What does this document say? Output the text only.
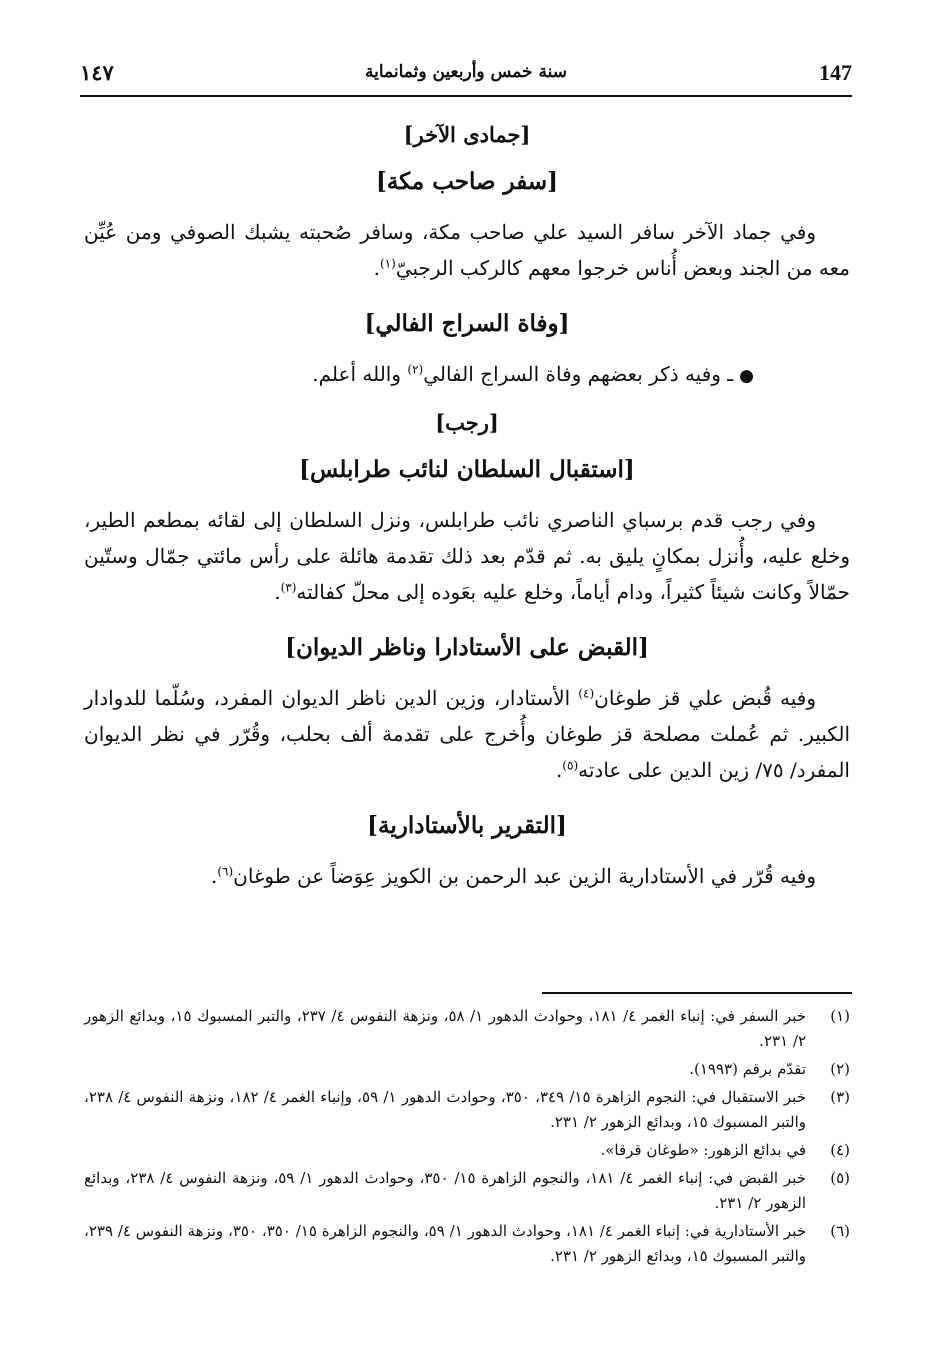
147
سنة خمس وأربعين وثمانماية
١٤٧
[جمادى الآخر]
[سفر صاحب مكة]

وفي جماد الآخر سافر السيد علي صاحب مكة، وسافر صُحبته يشبك الصوفي ومن عُيِّن معه من الجند وبعض أُناس خرجوا معهم كالركب الرجبيّ$^{(١)}$.

[وفاة السراج الفالي]

●ـ وفيه ذكر بعضهم وفاة السراج الفالي$^{(٢)}$ والله أعلم.

[رجب]
[استقبال السلطان لنائب طرابلس]

وفي رجب قدم برسباي الناصري نائب طرابلس، ونزل السلطان إلى لقائه بمطعم الطير، وخلع عليه، وأُنزل بمكانٍ يليق به. ثم قدّم بعد ذلك تقدمة هائلة على رأس مائتي جمّال وستّين حمّالاً وكانت شيئاً كثيراً، ودام أياماً، وخلع عليه بعَوده إلى محلّ كفالته$^{(٣)}$.

[القبض على الأستادارا وناظر الديوان]

وفيه قُبض علي قز طوغان$^{(٤)}$ الأستادار، وزين الدين ناظر الديوان المفرد، وسُلّما للدوادار الكبير. ثم عُملت مصلحة قز طوغان وأُخرج على تقدمة ألف بحلب، وقُرّر في نظر الديوان المفرد/ ٧٥/ زين الدين على عادته$^{(٥)}$.

[التقرير بالأستادارية]

وفيه قُرّر في الأستادارية الزين عبد الرحمن بن الكويز عِوَضاً عن طوغان$^{(٦)}$.

(١)
خبر السفر في: إنباء الغمر ٤/ ١٨١، وحوادث الدهور ١/ ٥٨، ونزهة النفوس ٤/ ٢٣٧، والتبر المسبوك ١٥، وبدائع الزهور ٢/ ٢٣١.
(٢)
تقدّم برقم (١٩٩٣).
(٣)
خبر الاستقبال في: النجوم الزاهرة ١٥/ ٣٤٩، ٣٥٠، وحوادث الدهور ١/ ٥٩، وإنباء الغمر ٤/ ١٨٢، ونزهة النفوس ٤/ ٢٣٨، والتبر المسبوك ١٥، وبدائع الزهور ٢/ ٢٣١.
(٤)
في بدائع الزهور: «طوغان قرقا».
(٥)
خبر القبض في: إنباء الغمر ٤/ ١٨١، والنجوم الزاهرة ١٥/ ٣٥٠، وحوادث الدهور ١/ ٥٩، ونزهة النفوس ٤/ ٢٣٨، وبدائع الزهور ٢/ ٢٣١.
(٦)
خبر الأستادارية في: إنباء الغمر ٤/ ١٨١، وحوادث الدهور ١/ ٥٩، والنجوم الزاهرة ١٥/ ٣٥٠، ٣٥٠، ونزهة النفوس ٤/ ٢٣٩، والتبر المسبوك ١٥، وبدائع الزهور ٢/ ٢٣١.
